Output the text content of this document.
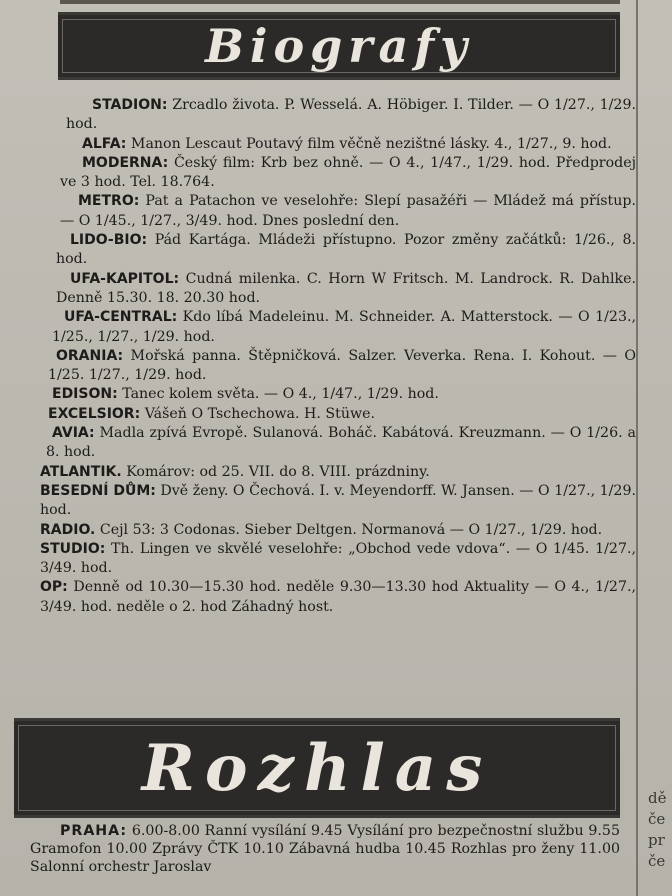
Biografy
STADION: Zrcadlo života. P. Wesselá. A. Höbiger. I. Tilder. — O 1/27., 1/29. hod.
ALFA: Manon Lescaut Poutavý film věčně nezištné lásky. 4., 1/27., 9. hod.
MODERNA: Český film: Krb bez ohně. — O 4., 1/47., 1/29. hod. Předprodej ve 3 hod. Tel. 18.764.
METRO: Pat a Patachon ve veselohře: Slepí pasažéři — Mládež má přístup. — O 1/45., 1/27., 3/49. hod. Dnes poslední den.
LIDO-BIO: Pád Kartága. Mládeži přístupno. Pozor změny začátků: 1/26., 8. hod.
UFA-KAPITOL: Cudná milenka. C. Horn W Fritsch. M. Landrock. R. Dahlke. Denně 15.30. 18. 20.30 hod.
UFA-CENTRAL: Kdo líbá Madeleinu. M. Schneider. A. Matterstock. — O 1/23., 1/25., 1/27., 1/29. hod.
ORANIA: Mořská panna. Štěpničková. Salzer. Veverka. Rena. I. Kohout. — O 1/25. 1/27., 1/29. hod.
EDISON: Tanec kolem světa. — O 4., 1/47., 1/29. hod.
EXCELSIOR: Vášeň O Tschechowa. H. Stüwe.
AVIA: Madla zpívá Evropě. Sulanová. Boháč. Kabátová. Kreuzmann. — O 1/26. a 8. hod.
ATLANTIK. Komárov: od 25. VII. do 8. VIII. prázdniny.
BESEDNÍ DŮM: Dvě ženy. O Čechová. I. v. Meyendorff. W. Jansen. — O 1/27., 1/29. hod.
RADIO. Cejl 53: 3 Codonas. Sieber Deltgen. Normanová — O 1/27., 1/29. hod.
STUDIO: Th. Lingen ve skvělé veselohře: „Obchod vede vdova“. — O 1/45. 1/27., 3/49. hod.
OP: Denně od 10.30—15.30 hod. neděle 9.30—13.30 hod Aktuality — O 4., 1/27., 3/49. hod. neděle o 2. hod Záhadný host.
Rozhlas
PRAHA: 6.00-8.00 Ranní vysílání 9.45 Vysílání pro bezpečnostní službu 9.55 Gramofon 10.00 Zprávy ČTK 10.10 Zábavná hudba 10.45 Rozhlas pro ženy 11.00 Salonní orchestr Jaroslav
dě
če
pr
če
